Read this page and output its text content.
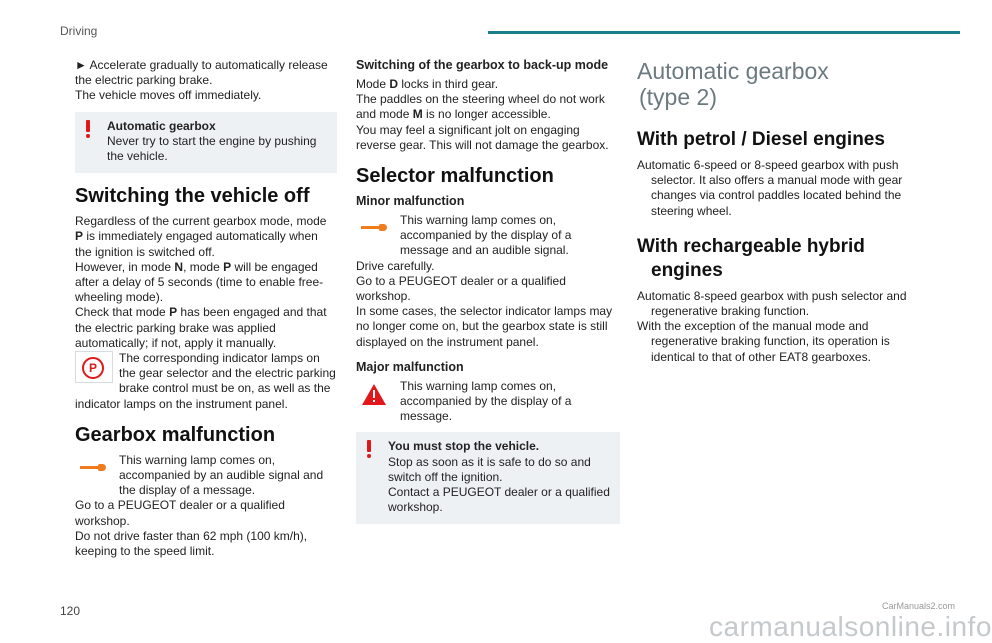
Driving

► Accelerate gradually to automatically release the electric parking brake.

The vehicle moves off immediately.

Automatic gearbox

Never try to start the engine by pushing the vehicle.

Switching the vehicle off

Regardless of the current gearbox mode, mode P is immediately engaged automatically when the ignition is switched off.

However, in mode N, mode P will be engaged after a delay of 5 seconds (time to enable free-wheeling mode).

Check that mode P has been engaged and that the electric parking brake was applied automatically; if not, apply it manually.

P

The corresponding indicator lamps on the gear selector and the electric parking brake control must be on, as well as the indicator lamps on the instrument panel.

Gearbox malfunction

This warning lamp comes on, accompanied by an audible signal and the display of a message.

Go to a PEUGEOT dealer or a qualified workshop.

Do not drive faster than 62 mph (100 km/h), keeping to the speed limit.

Switching of the gearbox to back-up mode

Mode D locks in third gear.

The paddles on the steering wheel do not work

and mode M is no longer accessible.

You may feel a significant jolt on engaging reverse gear. This will not damage the gearbox.

Selector malfunction
Minor malfunction

This warning lamp comes on, accompanied by the display of a message and an audible signal.

Drive carefully.

Go to a PEUGEOT dealer or a qualified workshop.

In some cases, the selector indicator lamps may no longer come on, but the gearbox state is still displayed on the instrument panel.

Major malfunction

This warning lamp comes on, accompanied by the display of a message.

You must stop the vehicle.

Stop as soon as it is safe to do so and switch off the ignition.

Contact a PEUGEOT dealer or a qualified workshop.

Automatic gearbox
(type 2)
With petrol / Diesel engines

Automatic 6-speed or 8-speed gearbox with push selector. It also offers a manual mode with gear changes via control paddles located behind the steering wheel.

With rechargeable hybrid
engines

Automatic 8-speed gearbox with push selector and regenerative braking function.

With the exception of the manual mode and regenerative braking function, its operation is identical to that of other EAT8 gearboxes.

120	carmanualsonline.info
CarManuals2.com
